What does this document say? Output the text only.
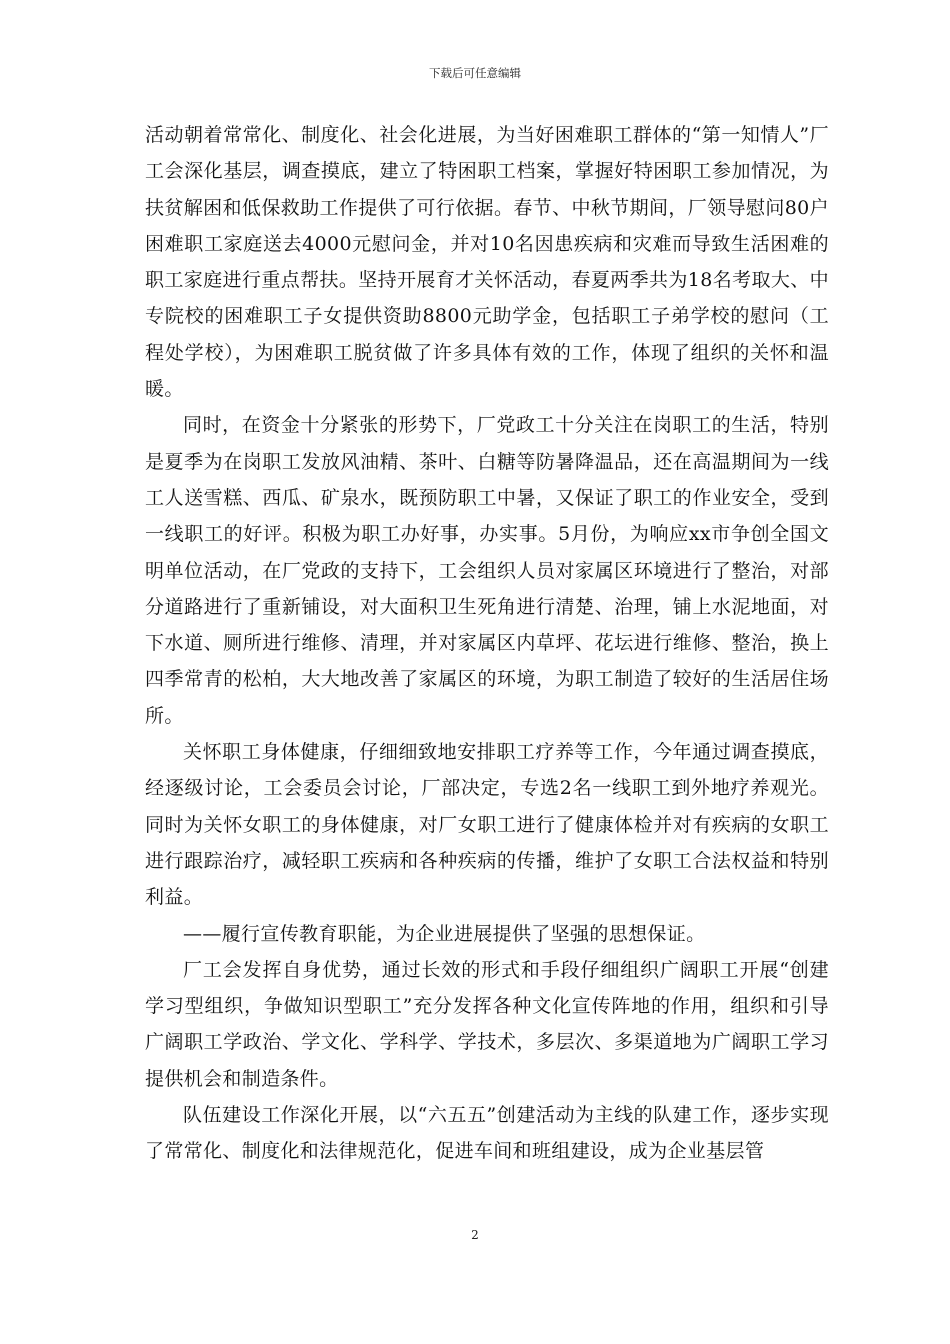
下载后可任意编辑

活动朝着常常化、制度化、社会化进展，为当好困难职工群体的“第一知情人”厂工会深化基层，调查摸底，建立了特困职工档案，掌握好特困职工参加情况，为扶贫解困和低保救助工作提供了可行依据。春节、中秋节期间，厂领导慰问80户困难职工家庭送去4000元慰问金，并对10名因患疾病和灾难而导致生活困难的职工家庭进行重点帮扶。坚持开展育才关怀活动，春夏两季共为18名考取大、中专院校的困难职工子女提供资助8800元助学金，包括职工子弟学校的慰问（工程处学校），为困难职工脱贫做了许多具体有效的工作，体现了组织的关怀和温暖。

同时，在资金十分紧张的形势下，厂党政工十分关注在岗职工的生活，特别是夏季为在岗职工发放风油精、茶叶、白糖等防暑降温品，还在高温期间为一线工人送雪糕、西瓜、矿泉水，既预防职工中暑，又保证了职工的作业安全，受到一线职工的好评。积极为职工办好事，办实事。5月份，为响应xx市争创全国文明单位活动，在厂党政的支持下，工会组织人员对家属区环境进行了整治，对部分道路进行了重新铺设，对大面积卫生死角进行清楚、治理，铺上水泥地面，对下水道、厕所进行维修、清理，并对家属区内草坪、花坛进行维修、整治，换上四季常青的松柏，大大地改善了家属区的环境，为职工制造了较好的生活居住场所。

关怀职工身体健康，仔细细致地安排职工疗养等工作，今年通过调查摸底，经逐级讨论，工会委员会讨论，厂部决定，专选2名一线职工到外地疗养观光。同时为关怀女职工的身体健康，对厂女职工进行了健康体检并对有疾病的女职工进行跟踪治疗，减轻职工疾病和各种疾病的传播，维护了女职工合法权益和特别利益。

——履行宣传教育职能，为企业进展提供了坚强的思想保证。

厂工会发挥自身优势，通过长效的形式和手段仔细组织广阔职工开展“创建学习型组织，争做知识型职工”充分发挥各种文化宣传阵地的作用，组织和引导广阔职工学政治、学文化、学科学、学技术，多层次、多渠道地为广阔职工学习提供机会和制造条件。

队伍建设工作深化开展，以“六五五”创建活动为主线的队建工作，逐步实现了常常化、制度化和法律规范化，促进车间和班组建设，成为企业基层管

2
